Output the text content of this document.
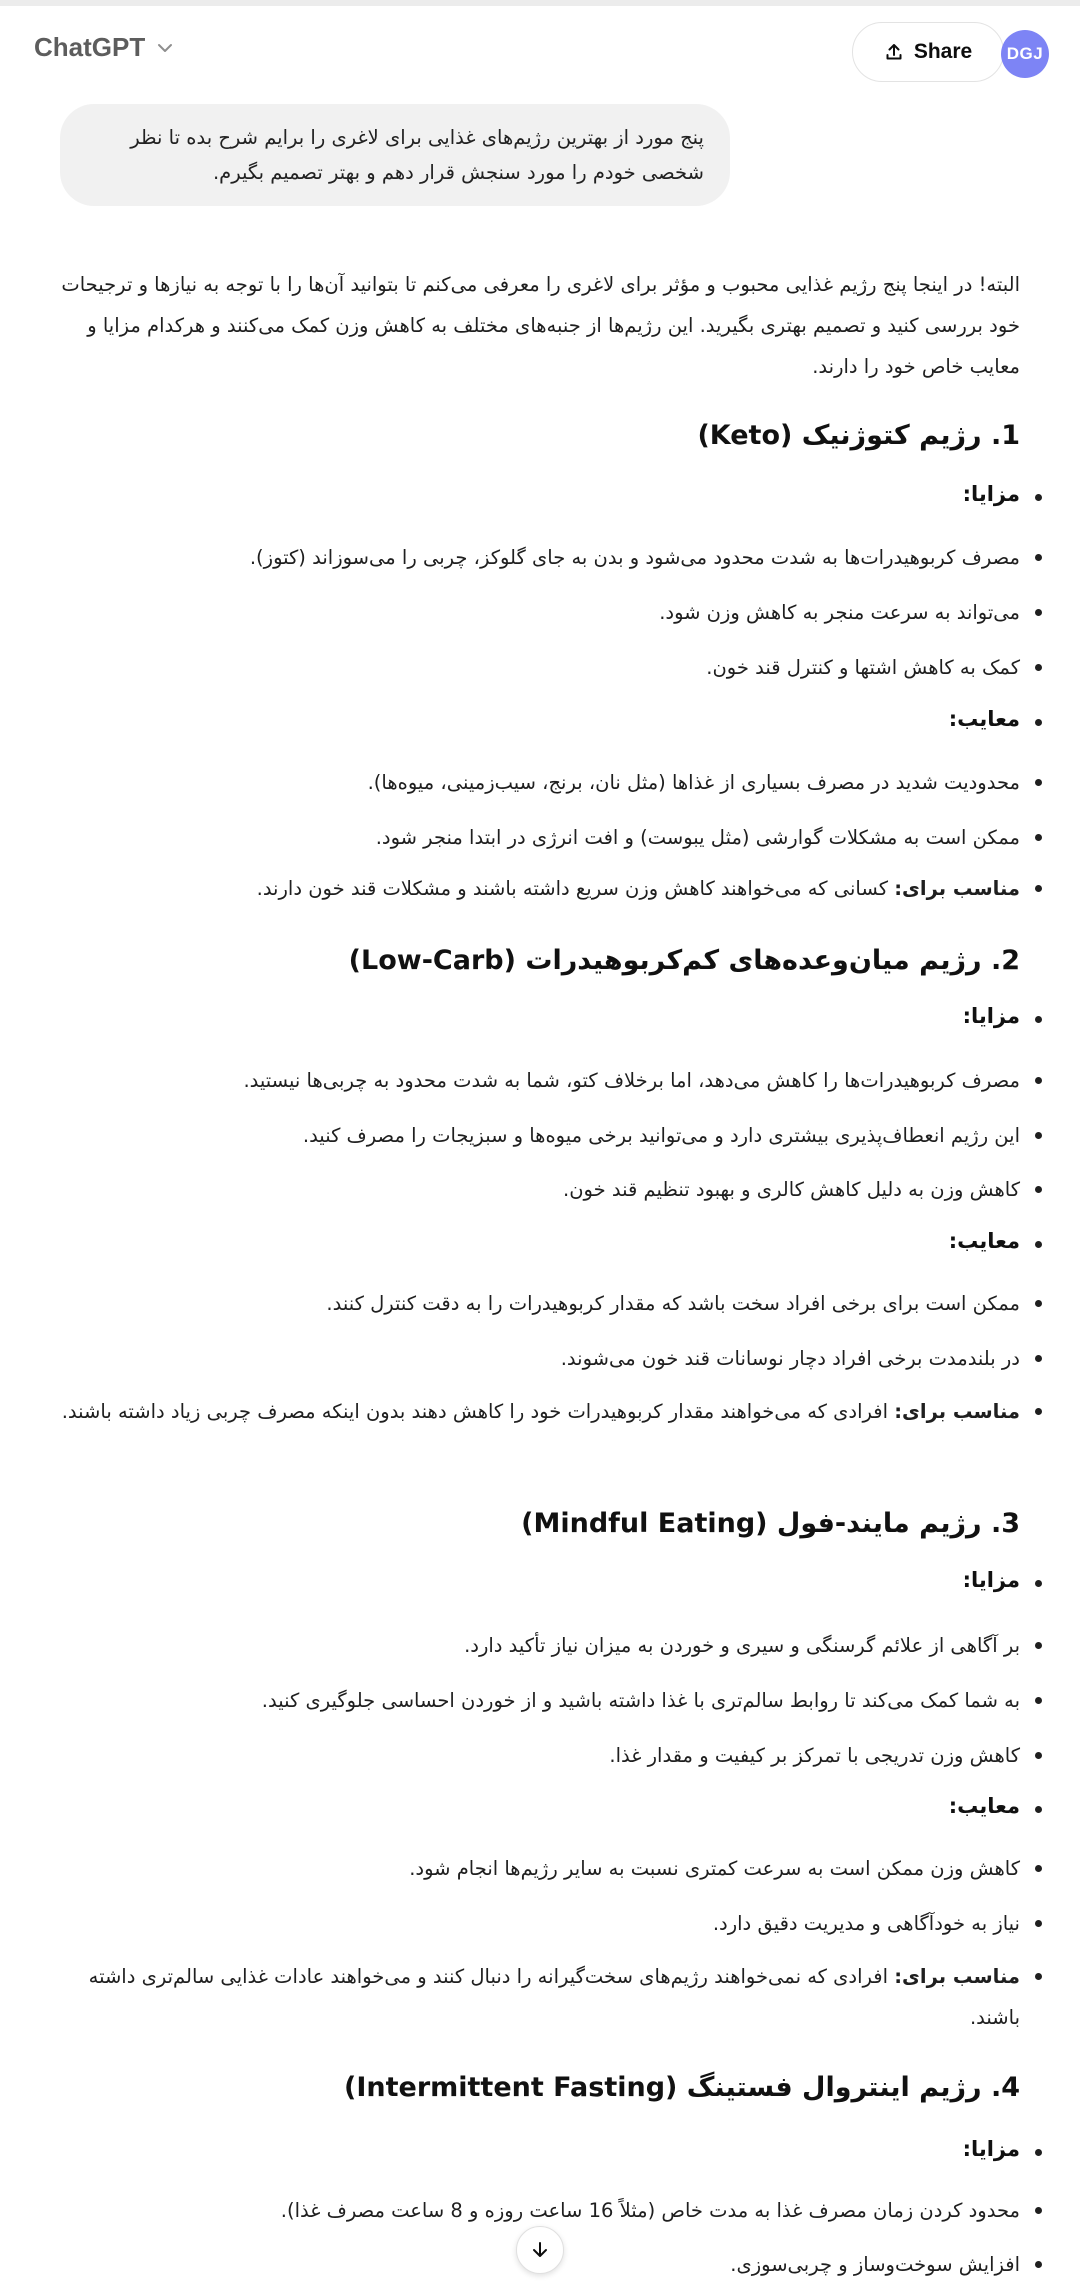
ChatGPT	Share DGJ
پنج مورد از بهترین رژیم‌های غذایی برای لاغری را برایم شرح بده تا نظر
شخصی خودم را مورد سنجش قرار دهم و بهتر تصمیم بگیرم.

البته! در اینجا پنج رژیم غذایی محبوب و مؤثر برای لاغری را معرفی می‌کنم تا بتوانید آن‌ها را با توجه به نیازها و ترجیحات خود بررسی کنید و تصمیم بهتری بگیرید. این رژیم‌ها از جنبه‌های مختلف به کاهش وزن کمک می‌کنند و هرکدام مزایا و معایب خاص خود را دارند.

1. رژیم کتوژنیک (Keto)
مزایا:
مصرف کربوهیدرات‌ها به شدت محدود می‌شود و بدن به جای گلوکز، چربی را می‌سوزاند (کتوز).
می‌تواند به سرعت منجر به کاهش وزن شود.
کمک به کاهش اشتها و کنترل قند خون.
معایب:
محدودیت شدید در مصرف بسیاری از غذاها (مثل نان، برنج، سیب‌زمینی، میوه‌ها).
ممکن است به مشکلات گوارشی (مثل یبوست) و افت انرژی در ابتدا منجر شود.
مناسب برای: کسانی که می‌خواهند کاهش وزن سریع داشته باشند و مشکلات قند خون دارند.
2. رژیم میان‌وعده‌های کم‌کربوهیدرات (Low-Carb)
مزایا:
مصرف کربوهیدرات‌ها را کاهش می‌دهد، اما برخلاف کتو، شما به شدت محدود به چربی‌ها نیستید.
این رژیم انعطاف‌پذیری بیشتری دارد و می‌توانید برخی میوه‌ها و سبزیجات را مصرف کنید.
کاهش وزن به دلیل کاهش کالری و بهبود تنظیم قند خون.
معایب:
ممکن است برای برخی افراد سخت باشد که مقدار کربوهیدرات را به دقت کنترل کنند.
در بلندمدت برخی افراد دچار نوسانات قند خون می‌شوند.
مناسب برای: افرادی که می‌خواهند مقدار کربوهیدرات خود را کاهش دهند بدون اینکه مصرف چربی زیاد داشته باشند.
3. رژیم مایند-فول (Mindful Eating)
مزایا:
بر آگاهی از علائم گرسنگی و سیری و خوردن به میزان نیاز تأکید دارد.
به شما کمک می‌کند تا روابط سالم‌تری با غذا داشته باشید و از خوردن احساسی جلوگیری کنید.
کاهش وزن تدریجی با تمرکز بر کیفیت و مقدار غذا.
معایب:
کاهش وزن ممکن است به سرعت کمتری نسبت به سایر رژیم‌ها انجام شود.
نیاز به خودآگاهی و مدیریت دقیق دارد.
مناسب برای: افرادی که نمی‌خواهند رژیم‌های سخت‌گیرانه را دنبال کنند و می‌خواهند عادات غذایی سالم‌تری داشته باشند.
4. رژیم اینتروال فستینگ (Intermittent Fasting)
مزایا:
محدود کردن زمان مصرف غذا به مدت خاص (مثلاً 16 ساعت روزه و 8 ساعت مصرف غذا).
افزایش سوخت‌وساز و چربی‌سوزی.
